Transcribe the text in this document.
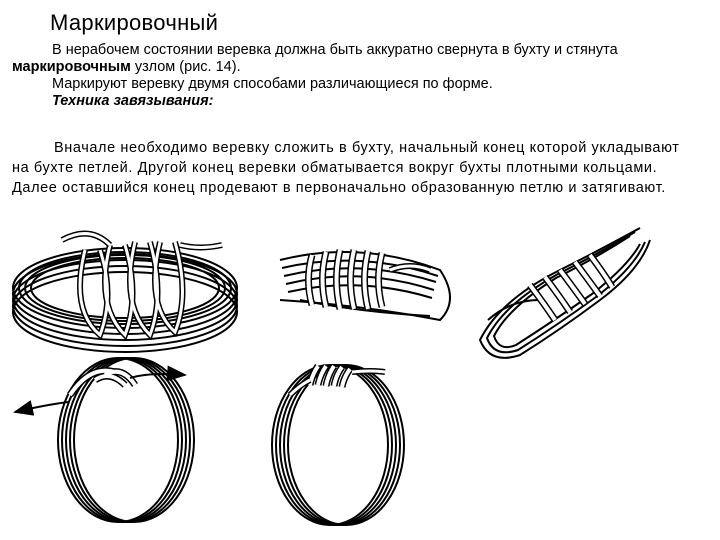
Маркировочный
В нерабочем состоянии веревка должна быть аккуратно свернута в бухту и стянута
маркировочным узлом (рис. 14).
Маркируют веревку двумя способами различающиеся по форме.
Техника завязывания:
Вначале необходимо веревку сложить в бухту, начальный конец которой укладывают
на бухте петлей. Другой конец веревки обматывается вокруг бухты плотными кольцами.
Далее оставшийся конец продевают в первоначально образованную петлю и затягивают.
